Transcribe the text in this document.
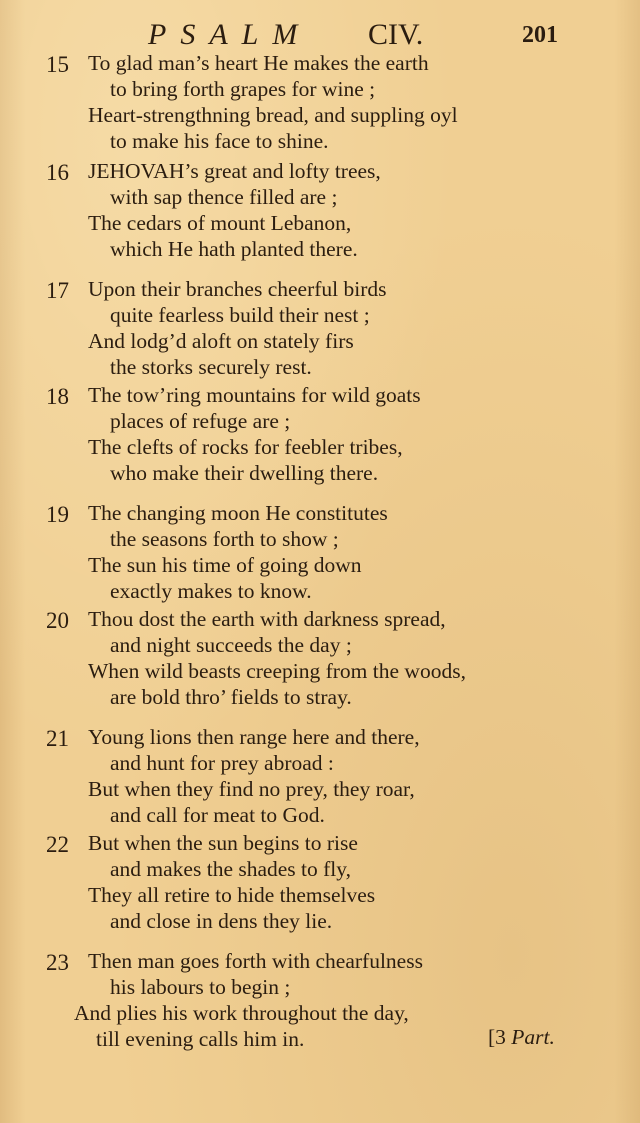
PSALM CIV.	201
15 To glad man’s heart He makes the earth
to bring forth grapes for wine ;
Heart-strengthning bread, and suppling oyl
to make his face to shine.
16 JEHOVAH’s great and lofty trees,
with sap thence filled are ;
The cedars of mount Lebanon,
which He hath planted there.
17 Upon their branches cheerful birds
quite fearless build their nest ;
And lodg’d aloft on stately firs
the storks securely rest.
18 The tow’ring mountains for wild goats
places of refuge are ;
The clefts of rocks for feebler tribes,
who make their dwelling there.
19 The changing moon He constitutes
the seasons forth to show ;
The sun his time of going down
exactly makes to know.
20 Thou dost the earth with darkness spread,
and night succeeds the day ;
When wild beasts creeping from the woods,
are bold thro’ fields to stray.
21 Young lions then range here and there,
and hunt for prey abroad :
But when they find no prey, they roar,
and call for meat to God.
22 But when the sun begins to rise
and makes the shades to fly,
They all retire to hide themselves
and close in dens they lie.
23 Then man goes forth with chearfulness
his labours to begin ;
And plies his work throughout the day,
till evening calls him in.	[3 Part.
